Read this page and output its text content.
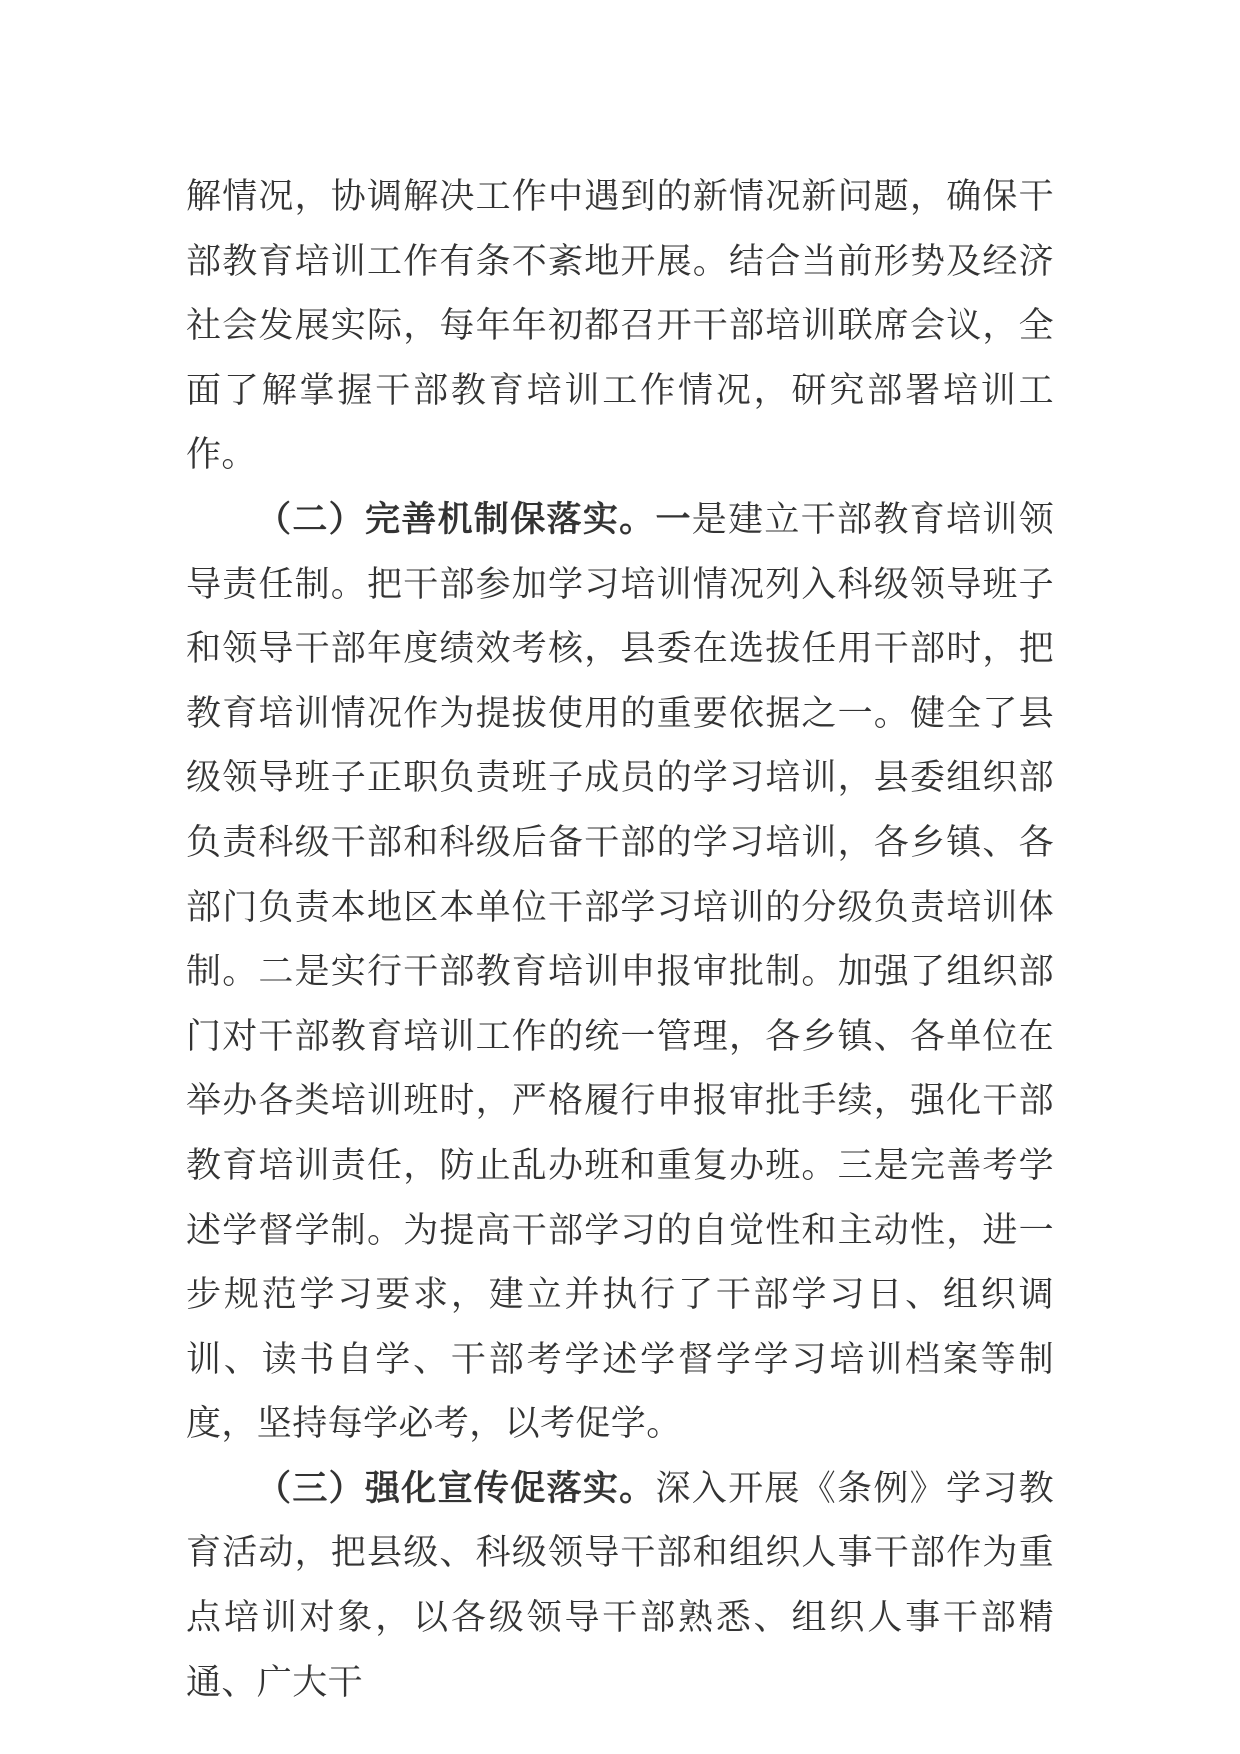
解情况，协调解决工作中遇到的新情况新问题，确保干部教育培训工作有条不紊地开展。结合当前形势及经济社会发展实际，每年年初都召开干部培训联席会议，全面了解掌握干部教育培训工作情况，研究部署培训工作。

（二）完善机制保落实。一是建立干部教育培训领导责任制。把干部参加学习培训情况列入科级领导班子和领导干部年度绩效考核，县委在选拔任用干部时，把教育培训情况作为提拔使用的重要依据之一。健全了县级领导班子正职负责班子成员的学习培训，县委组织部负责科级干部和科级后备干部的学习培训，各乡镇、各部门负责本地区本单位干部学习培训的分级负责培训体制。二是实行干部教育培训申报审批制。加强了组织部门对干部教育培训工作的统一管理，各乡镇、各单位在举办各类培训班时，严格履行申报审批手续，强化干部教育培训责任，防止乱办班和重复办班。三是完善考学述学督学制。为提高干部学习的自觉性和主动性，进一步规范学习要求，建立并执行了干部学习日、组织调训、读书自学、干部考学述学督学学习培训档案等制度，坚持每学必考，以考促学。

（三）强化宣传促落实。深入开展《条例》学习教育活动，把县级、科级领导干部和组织人事干部作为重点培训对象，以各级领导干部熟悉、组织人事干部精通、广大干
